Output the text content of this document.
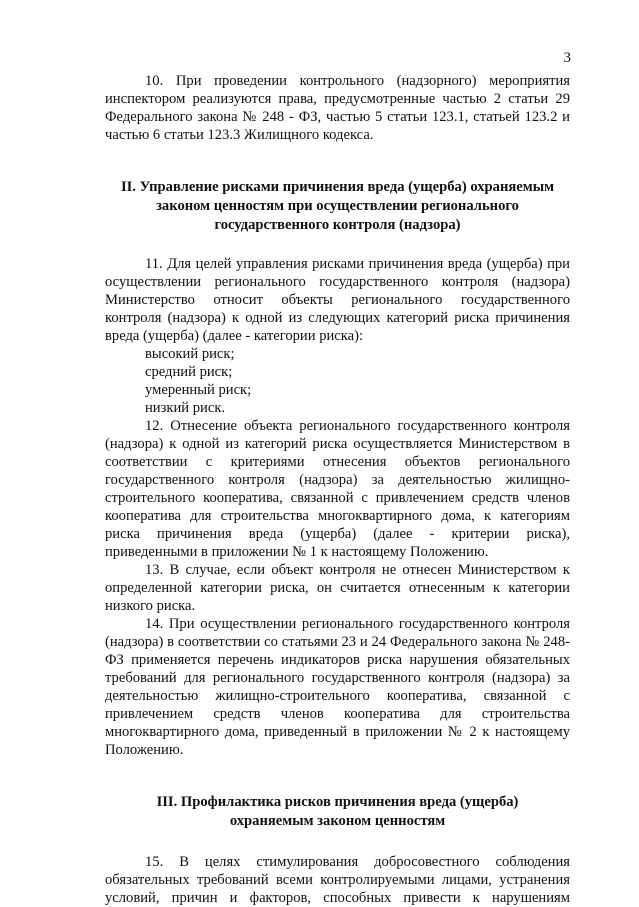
3

10. При проведении контрольного (надзорного) мероприятия инспектором реализуются права, предусмотренные частью 2 статьи 29 Федерального закона № 248 - ФЗ, частью 5 статьи 123.1, статьей 123.2 и частью 6 статьи 123.3 Жилищного кодекса.

II. Управление рисками причинения вреда (ущерба) охраняемым

законом ценностям при осуществлении регионального

государственного контроля (надзора)

11. Для целей управления рисками причинения вреда (ущерба) при осуществлении регионального государственного контроля (надзора) Министерство относит объекты регионального государственного контроля (надзора) к одной из следующих категорий риска причинения вреда (ущерба) (далее - категории риска):

высокий риск;

средний риск;

умеренный риск;

низкий риск.

12. Отнесение объекта регионального государственного контроля (надзора) к одной из категорий риска осуществляется Министерством в соответствии с критериями отнесения объектов регионального государственного контроля (надзора) за деятельностью жилищно-строительного кооператива, связанной с привлечением средств членов кооператива для строительства многоквартирного дома, к категориям риска причинения вреда (ущерба) (далее - критерии риска), приведенными в приложении № 1 к настоящему Положению.

13. В случае, если объект контроля не отнесен Министерством к определенной категории риска, он считается отнесенным к категории низкого риска.

14. При осуществлении регионального государственного контроля (надзора) в соответствии со статьями 23 и 24 Федерального закона № 248-ФЗ применяется перечень индикаторов риска нарушения обязательных требований для регионального государственного контроля (надзора) за деятельностью жилищно-строительного кооператива, связанной с привлечением средств членов кооператива для строительства многоквартирного дома, приведенный в приложении № 2 к настоящему Положению.

III. Профилактика рисков причинения вреда (ущерба)

охраняемым законом ценностям

15. В целях стимулирования добросовестного соблюдения обязательных требований всеми контролируемыми лицами, устранения условий, причин и факторов, способных привести к нарушениям
